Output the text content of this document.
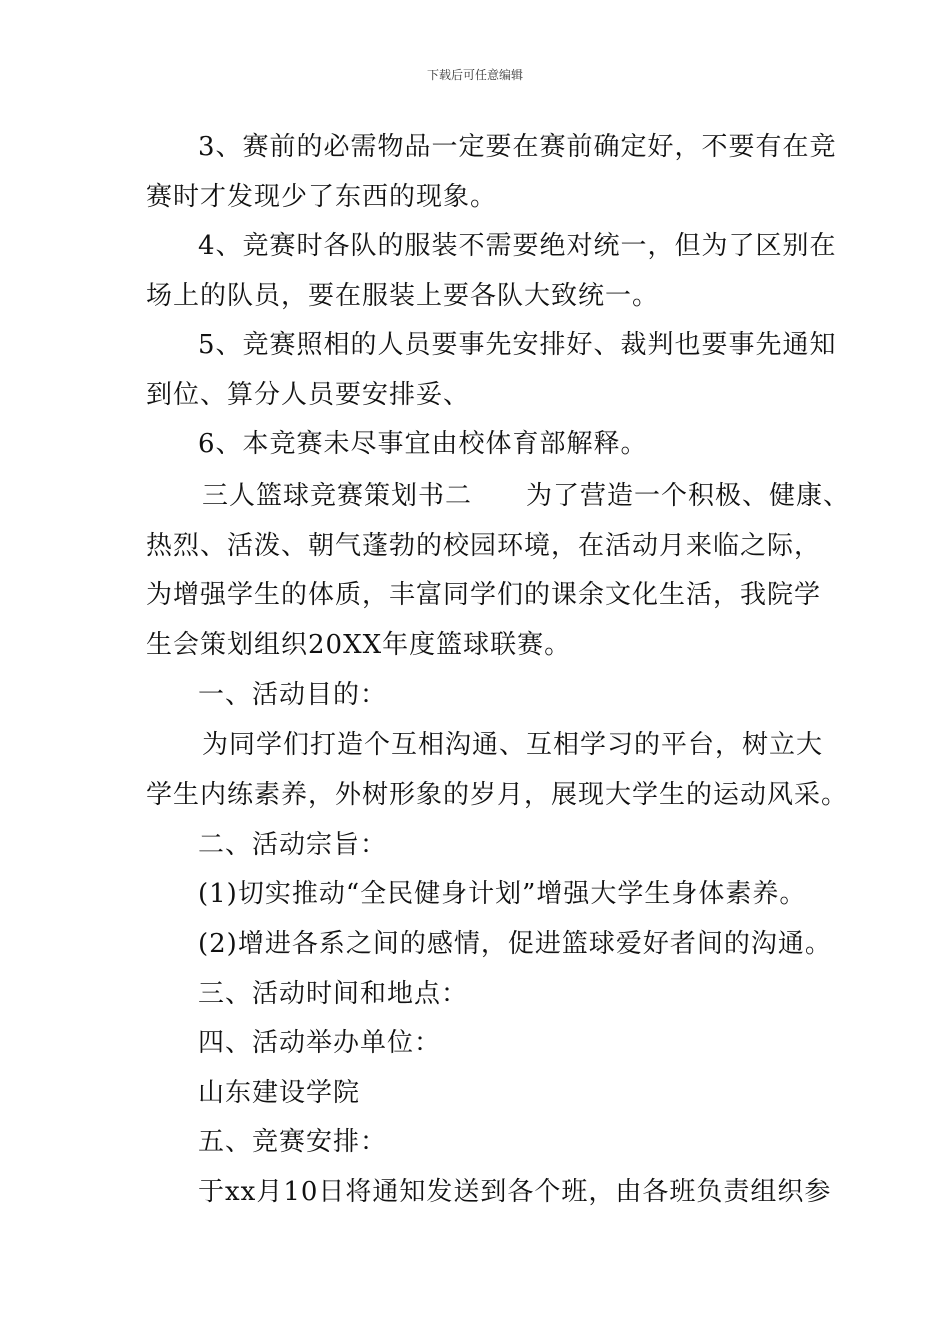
下载后可任意编辑
3、赛前的必需物品一定要在赛前确定好，不要有在竞
赛时才发现少了东西的现象。
4、竞赛时各队的服装不需要绝对统一，但为了区别在
场上的队员，要在服装上要各队大致统一。
5、竞赛照相的人员要事先安排好、裁判也要事先通知
到位、算分人员要安排妥、
6、本竞赛未尽事宜由校体育部解释。
三人篮球竞赛策划书二　　为了营造一个积极、健康、
热烈、活泼、朝气蓬勃的校园环境，在活动月来临之际，
为增强学生的体质，丰富同学们的课余文化生活，我院学
生会策划组织20XX年度篮球联赛。
一、活动目的：
为同学们打造个互相沟通、互相学习的平台，树立大
学生内练素养，外树形象的岁月，展现大学生的运动风采。
二、活动宗旨：
(1)切实推动“全民健身计划”增强大学生身体素养。
(2)增进各系之间的感情，促进篮球爱好者间的沟通。
三、活动时间和地点：
四、活动举办单位：
山东建设学院
五、竞赛安排：
于xx月10日将通知发送到各个班，由各班负责组织参
